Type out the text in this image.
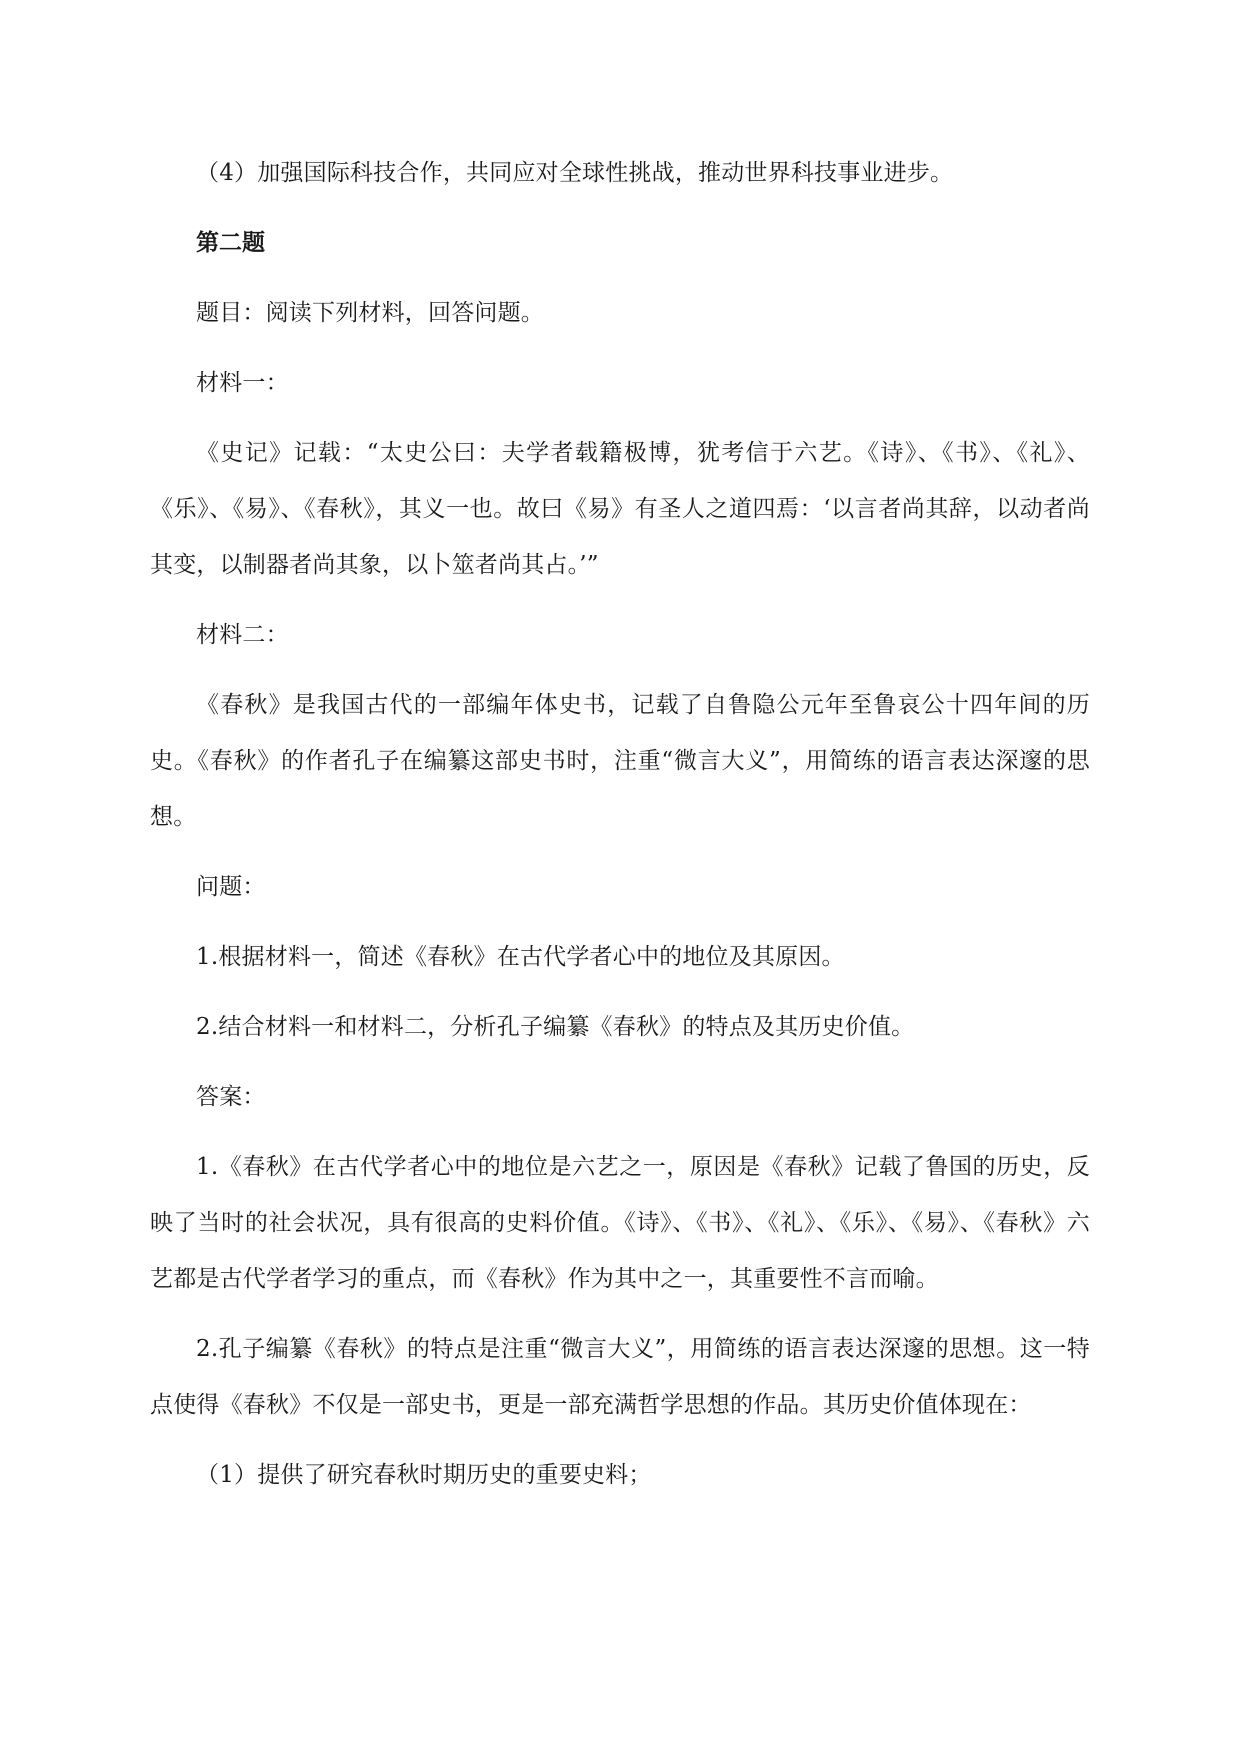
（4）加强国际科技合作，共同应对全球性挑战，推动世界科技事业进步。

第二题

题目：阅读下列材料，回答问题。

材料一：

《史记》记载：“太史公曰：夫学者载籍极博，犹考信于六艺。《诗》、《书》、《礼》、《乐》、《易》、《春秋》，其义一也。故曰《易》有圣人之道四焉：‘以言者尚其辞，以动者尚其变，以制器者尚其象，以卜筮者尚其占。’”

材料二：

《春秋》是我国古代的一部编年体史书，记载了自鲁隐公元年至鲁哀公十四年间的历史。《春秋》的作者孔子在编纂这部史书时，注重“微言大义”，用简练的语言表达深邃的思想。

问题：

1.根据材料一，简述《春秋》在古代学者心中的地位及其原因。

2.结合材料一和材料二，分析孔子编纂《春秋》的特点及其历史价值。

答案：

1.《春秋》在古代学者心中的地位是六艺之一，原因是《春秋》记载了鲁国的历史，反映了当时的社会状况，具有很高的史料价值。《诗》、《书》、《礼》、《乐》、《易》、《春秋》六艺都是古代学者学习的重点，而《春秋》作为其中之一，其重要性不言而喻。

2.孔子编纂《春秋》的特点是注重“微言大义”，用简练的语言表达深邃的思想。这一特点使得《春秋》不仅是一部史书，更是一部充满哲学思想的作品。其历史价值体现在：

（1）提供了研究春秋时期历史的重要史料；
